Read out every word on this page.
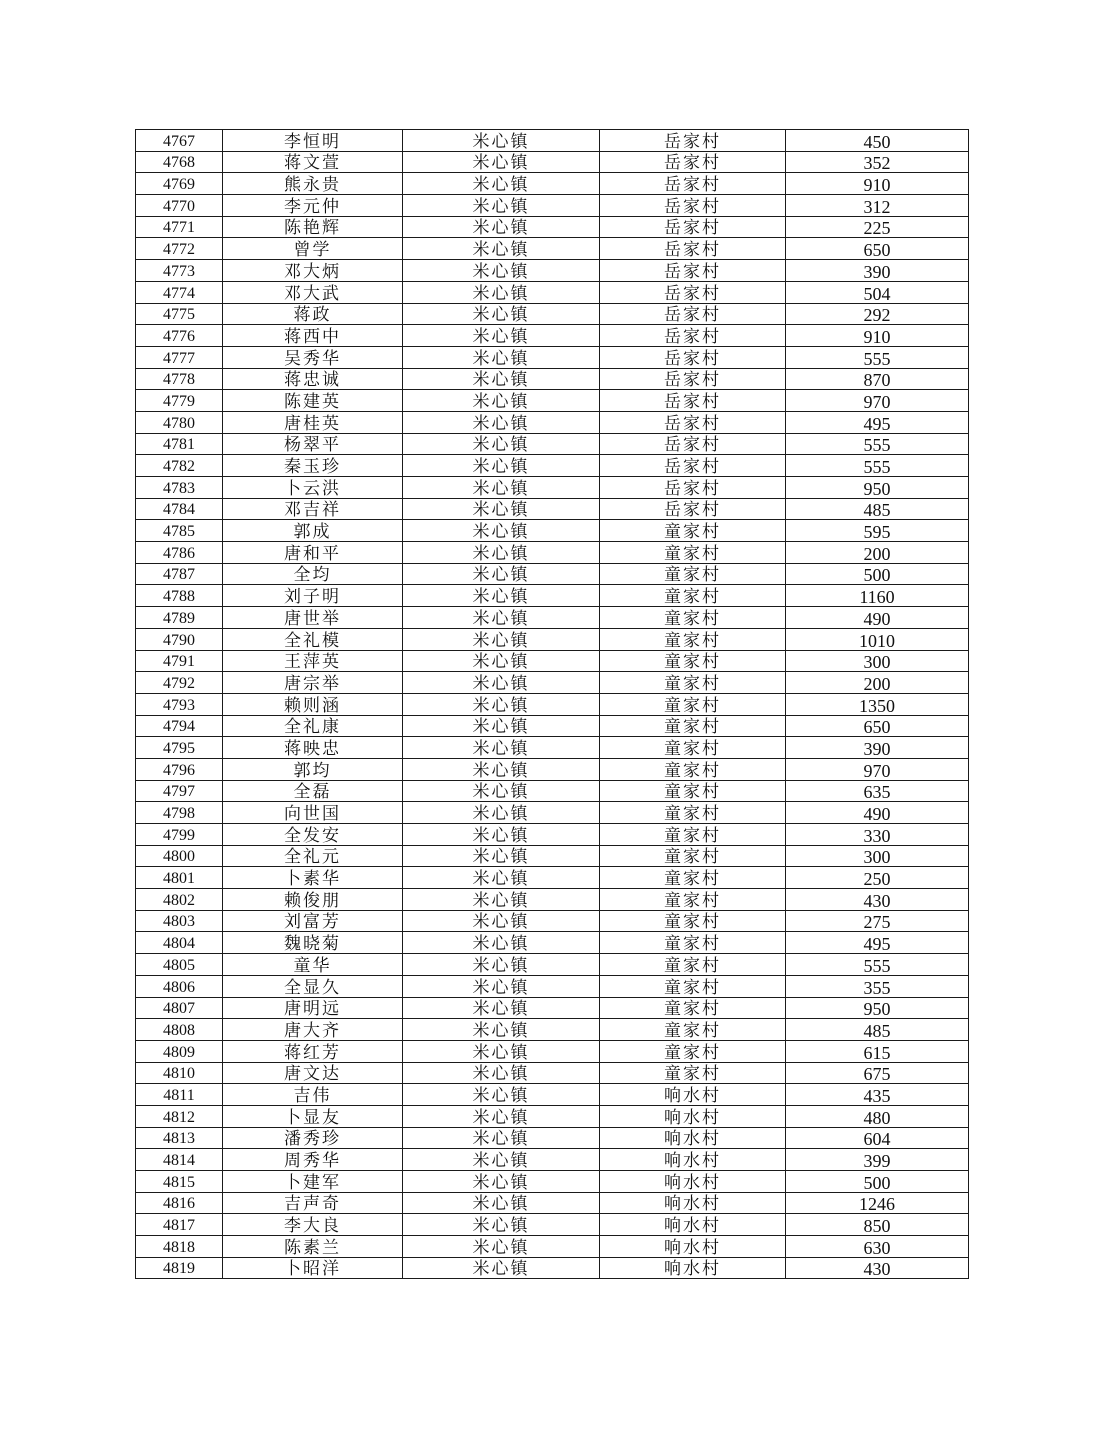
4767	李恒明	米心镇	岳家村	450
4768	蒋文萱	米心镇	岳家村	352
4769	熊永贵	米心镇	岳家村	910
4770	李元仲	米心镇	岳家村	312
4771	陈艳辉	米心镇	岳家村	225
4772	曾学	米心镇	岳家村	650
4773	邓大炳	米心镇	岳家村	390
4774	邓大武	米心镇	岳家村	504
4775	蒋政	米心镇	岳家村	292
4776	蒋西中	米心镇	岳家村	910
4777	吴秀华	米心镇	岳家村	555
4778	蒋忠诚	米心镇	岳家村	870
4779	陈建英	米心镇	岳家村	970
4780	唐桂英	米心镇	岳家村	495
4781	杨翠平	米心镇	岳家村	555
4782	秦玉珍	米心镇	岳家村	555
4783	卜云洪	米心镇	岳家村	950
4784	邓吉祥	米心镇	岳家村	485
4785	郭成	米心镇	童家村	595
4786	唐和平	米心镇	童家村	200
4787	全均	米心镇	童家村	500
4788	刘子明	米心镇	童家村	1160
4789	唐世举	米心镇	童家村	490
4790	全礼模	米心镇	童家村	1010
4791	王萍英	米心镇	童家村	300
4792	唐宗举	米心镇	童家村	200
4793	赖则涵	米心镇	童家村	1350
4794	全礼康	米心镇	童家村	650
4795	蒋映忠	米心镇	童家村	390
4796	郭均	米心镇	童家村	970
4797	全磊	米心镇	童家村	635
4798	向世国	米心镇	童家村	490
4799	全发安	米心镇	童家村	330
4800	全礼元	米心镇	童家村	300
4801	卜素华	米心镇	童家村	250
4802	赖俊朋	米心镇	童家村	430
4803	刘富芳	米心镇	童家村	275
4804	魏晓菊	米心镇	童家村	495
4805	童华	米心镇	童家村	555
4806	全显久	米心镇	童家村	355
4807	唐明远	米心镇	童家村	950
4808	唐大齐	米心镇	童家村	485
4809	蒋红芳	米心镇	童家村	615
4810	唐文达	米心镇	童家村	675
4811	吉伟	米心镇	响水村	435
4812	卜显友	米心镇	响水村	480
4813	潘秀珍	米心镇	响水村	604
4814	周秀华	米心镇	响水村	399
4815	卜建军	米心镇	响水村	500
4816	吉声奇	米心镇	响水村	1246
4817	李大良	米心镇	响水村	850
4818	陈素兰	米心镇	响水村	630
4819	卜昭洋	米心镇	响水村	430
